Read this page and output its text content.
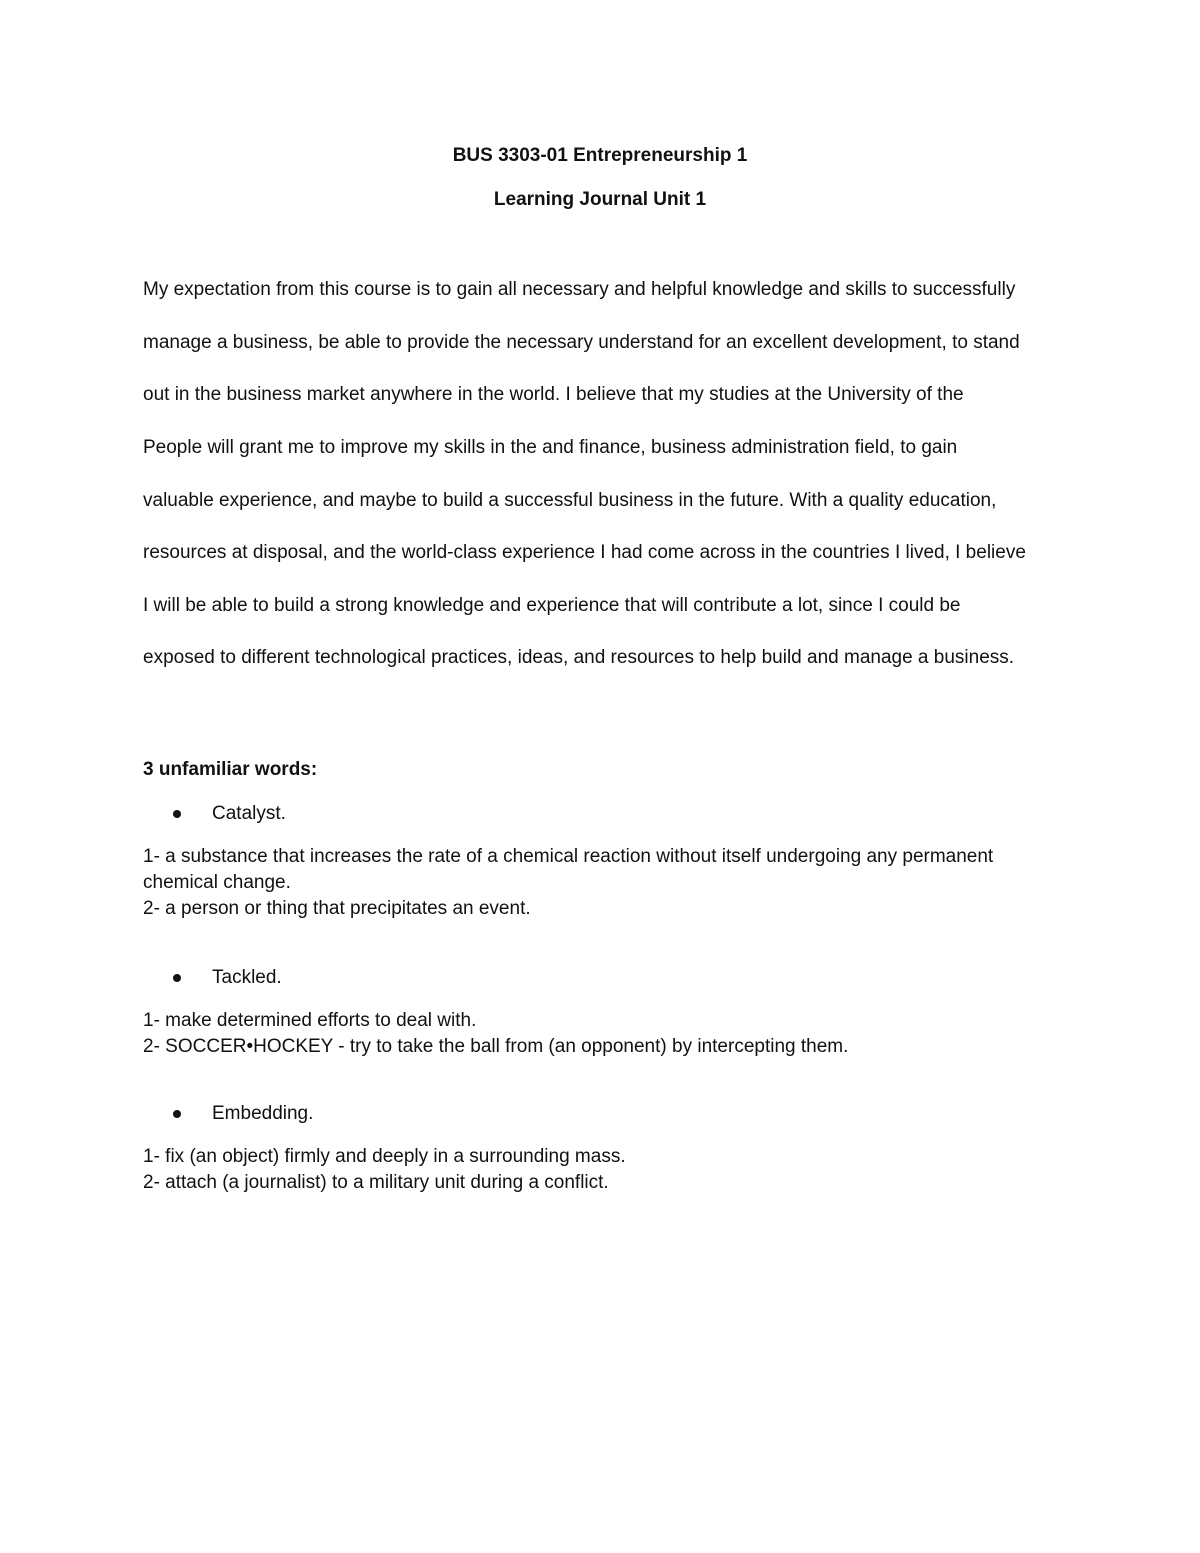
BUS 3303-01 Entrepreneurship 1
Learning Journal Unit 1
My expectation from this course is to gain all necessary and helpful knowledge and skills to successfully
manage a business, be able to provide the necessary understand for an excellent development, to stand
out in the business market anywhere in the world. I believe that my studies at the University of the
People will grant me to improve my skills in the and finance, business administration field, to gain
valuable experience, and maybe to build a successful business in the future. With a quality education,
resources at disposal, and the world-class experience I had come across in the countries I lived, I believe
I will be able to build a strong knowledge and experience that will contribute a lot, since I could be
exposed to different technological practices, ideas, and resources to help build and manage a business.
3 unfamiliar words:
Catalyst.
1- a substance that increases the rate of a chemical reaction without itself undergoing any permanent
chemical change.
2- a person or thing that precipitates an event.
Tackled.
1- make determined efforts to deal with.
2- SOCCER•HOCKEY - try to take the ball from (an opponent) by intercepting them.
Embedding.
1- fix (an object) firmly and deeply in a surrounding mass.
2- attach (a journalist) to a military unit during a conflict.
